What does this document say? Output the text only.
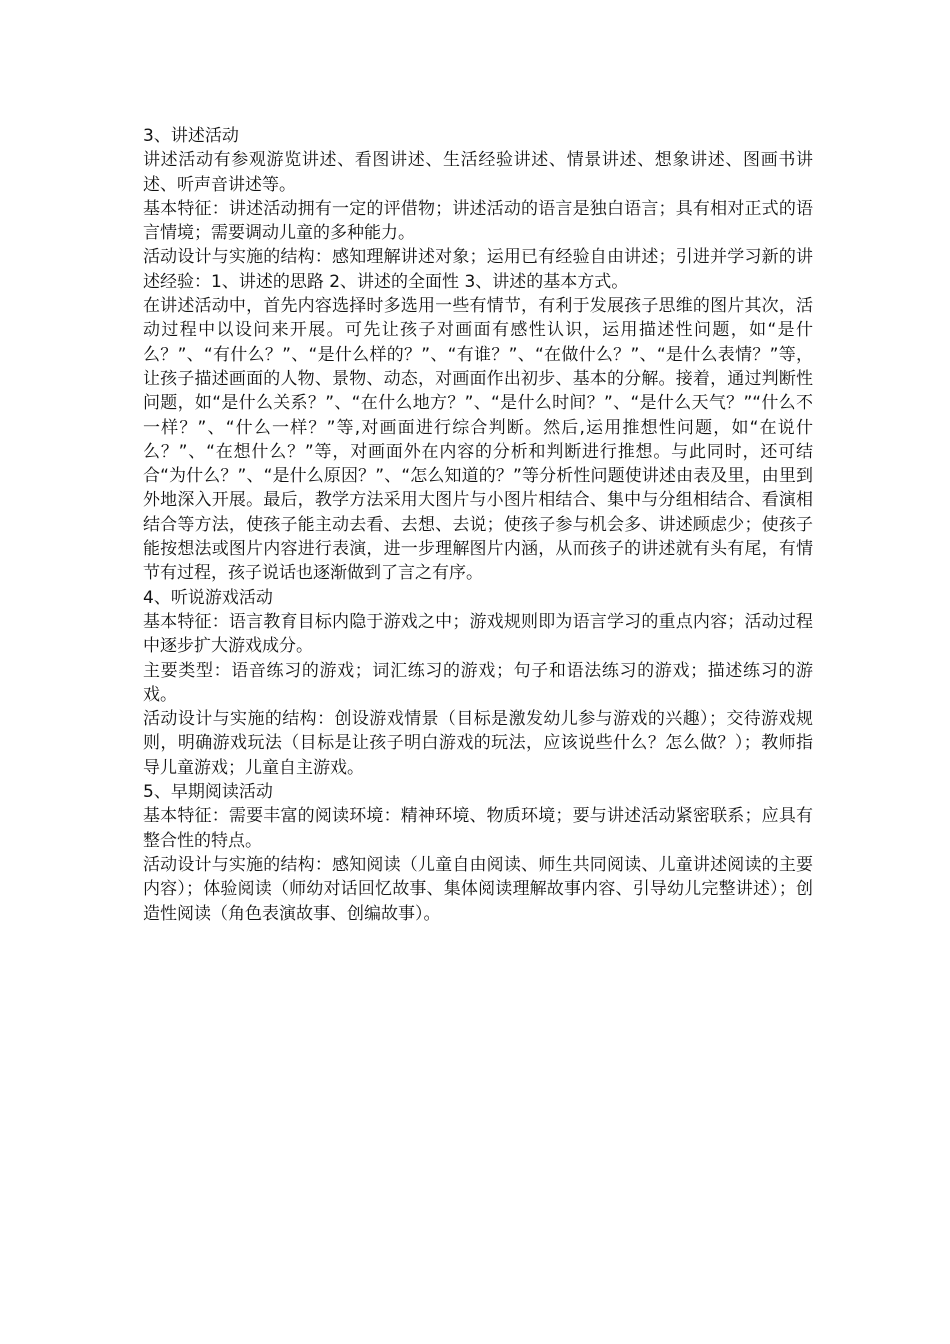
3、讲述活动

讲述活动有参观游览讲述、看图讲述、生活经验讲述、情景讲述、想象讲述、图画书讲述、听声音讲述等。

基本特征：讲述活动拥有一定的评借物；讲述活动的语言是独白语言；具有相对正式的语言情境；需要调动儿童的多种能力。

活动设计与实施的结构：感知理解讲述对象；运用已有经验自由讲述；引进并学习新的讲述经验：1、讲述的思路 2、讲述的全面性 3、讲述的基本方式。

在讲述活动中，首先内容选择时多选用一些有情节，有利于发展孩子思维的图片其次，活动过程中以设问来开展。可先让孩子对画面有感性认识，运用描述性问题，如“是什么？”、“有什么？”、“是什么样的？”、“有谁？”、“在做什么？”、“是什么表情？”等，让孩子描述画面的人物、景物、动态，对画面作出初步、基本的分解。接着，通过判断性问题，如“是什么关系？”、“在什么地方？”、“是什么时间？”、“是什么天气？”“什么不一样？”、“什么一样？”等,对画面进行综合判断。然后,运用推想性问题，如“在说什么？”、“在想什么？”等，对画面外在内容的分析和判断进行推想。与此同时，还可结合“为什么？”、“是什么原因？”、“怎么知道的？”等分析性问题使讲述由表及里，由里到外地深入开展。最后，教学方法采用大图片与小图片相结合、集中与分组相结合、看演相结合等方法，使孩子能主动去看、去想、去说；使孩子参与机会多、讲述顾虑少；使孩子能按想法或图片内容进行表演，进一步理解图片内涵，从而孩子的讲述就有头有尾，有情节有过程，孩子说话也逐渐做到了言之有序。

4、听说游戏活动

基本特征：语言教育目标内隐于游戏之中；游戏规则即为语言学习的重点内容；活动过程中逐步扩大游戏成分。

主要类型：语音练习的游戏；词汇练习的游戏；句子和语法练习的游戏；描述练习的游戏。

活动设计与实施的结构：创设游戏情景（目标是激发幼儿参与游戏的兴趣）；交待游戏规则，明确游戏玩法（目标是让孩子明白游戏的玩法，应该说些什么？怎么做？）；教师指导儿童游戏；儿童自主游戏。

5、早期阅读活动

基本特征：需要丰富的阅读环境：精神环境、物质环境；要与讲述活动紧密联系；应具有整合性的特点。

活动设计与实施的结构：感知阅读（儿童自由阅读、师生共同阅读、儿童讲述阅读的主要内容）；体验阅读（师幼对话回忆故事、集体阅读理解故事内容、引导幼儿完整讲述）；创造性阅读（角色表演故事、创编故事）。
